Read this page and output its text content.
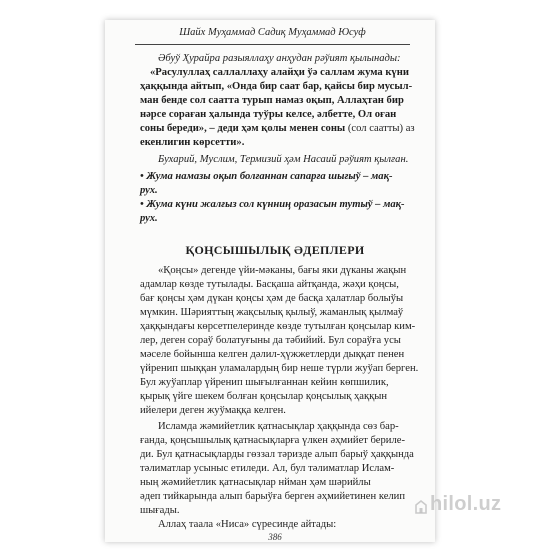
Шайх Муҳаммад Садиқ Муҳаммад Юсуф
Әбуў Ҳурайра разыяллаҳу анҳудан рәўият қылынады:
«Расулуллаҳ саллаллаҳу алайҳи ўә саллам жума күни
ҳаққында айтып, «Онда бир саат бар, қайсы бир мусыл-
ман бенде сол саатта турып намаз оқып, Аллаҳтан бир
нәрсе сораған ҳалында туўры келсе, әлбетте, Ол оған
соны береди», – деди ҳәм қолы менен соны (сол саатты) аз
екенлигин көрсетти».
Бухарий, Муслим, Термизий ҳәм Насаий рәўият қылған.
• Жума намазы оқып болғаннан сапарға шығыў – мақ-
рух.
• Жума күни жалғыз сол күнниң оразасын тутыў – мақ-
рух.
ҚОҢСЫШЫЛЫҚ ӘДЕПЛЕРИ
«Қоңсы» дегенде үйи-мәканы, бағы яки дүканы жақын
адамлар көзде тутылады. Басқаша айтқанда, жәҳи қоңсы,
бағ қоңсы ҳәм дүкан қоңсы ҳәм де басқа ҳалатлар болыўы
мүмкин. Шәрияттың жақсылық қылыў, жаманлық қылмаў
ҳаққындағы көрсетпелеринде көзде тутылған қоңсылар ким-
лер, деген сораў болатуғыны да тәбийий. Бул сораўға усы
мәселе бойынша келген дәлил-ҳүжжетлерди дыққат пенен
үйренип шыққан уламалардың бир неше түрли жуўап берген.
Бул жуўаплар үйренип шығылғаннан кейин көпшилик,
қырық үйге шекем болған қоңсылар қоңсылық ҳаққын
ийелери деген жуўмаққа келген.
Исламда жәмийетлик қатнасықлар ҳаққында сөз бар-
ғанда, қоңсышылық қатнасықларға үлкен әҳмийет бериле-
ди. Бул қатнасықларды гөззал тәризде алып барыў ҳаққында
тәлиматлар усыныс етиледи. Ал, бул тәлиматлар Ислам-
ның жәмийетлик қатнасықлар нйман ҳәм шәрийлы
әдеп тийкарында алып барыўға берген әҳмийетинен келип
шығады.
Аллаҳ таала «Ниса» сүресинде айтады:
386
hilol.uz
